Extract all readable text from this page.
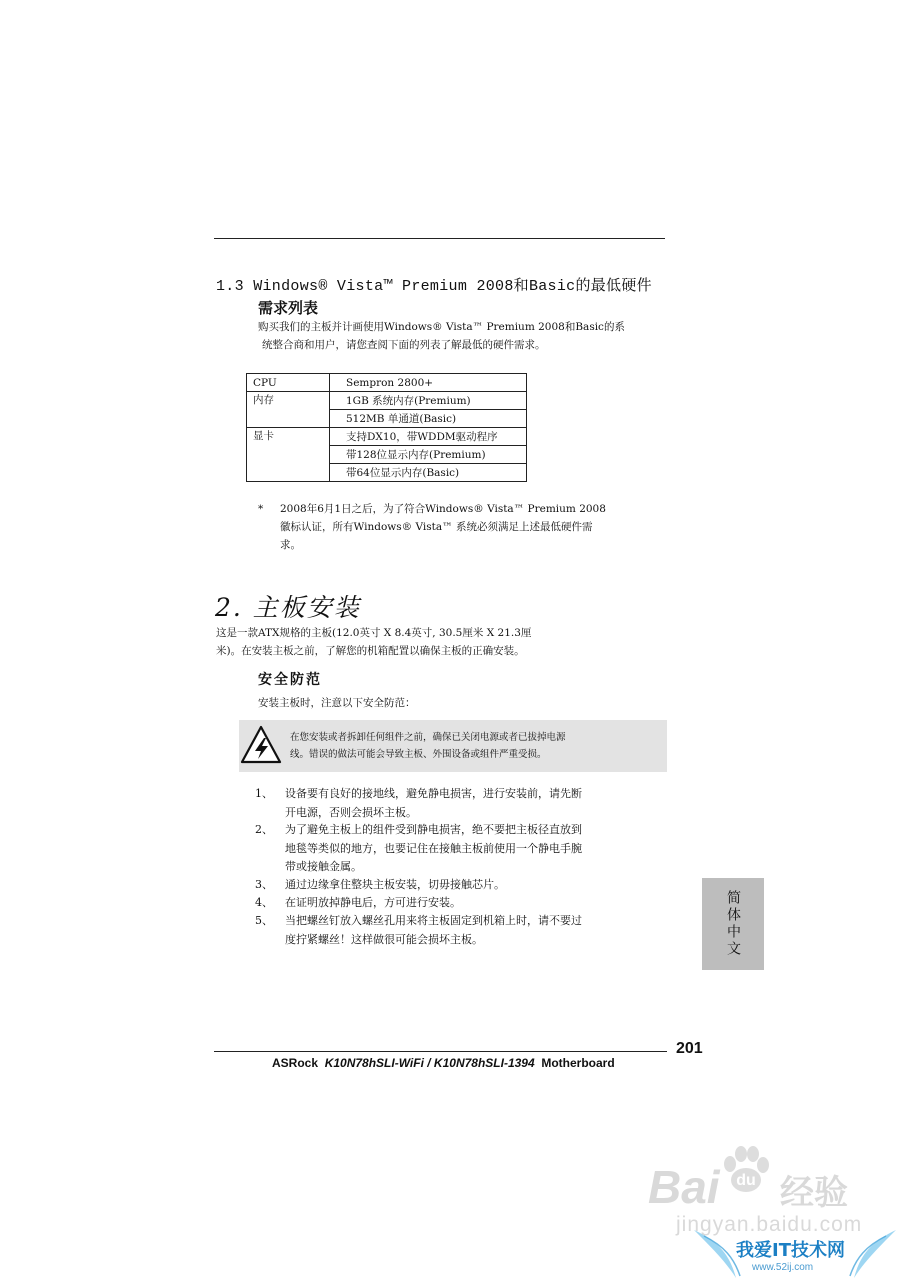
1.3 Windows® Vista™ Premium 2008和Basic的最低硬件
需求列表
购买我们的主板并计画使用Windows® Vista™ Premium 2008和Basic的系
统整合商和用户，请您查阅下面的列表了解最低的硬件需求。
CPU	Sempron 2800+
内存	1GB 系统内存(Premium)
	512MB 单通道(Basic)
显卡	支持DX10，带WDDM驱动程序
	带128位显示内存(Premium)
	带64位显示内存(Basic)
* 2008年6月1日之后，为了符合Windows® Vista™ Premium 2008
徽标认证，所有Windows® Vista™ 系统必须满足上述最低硬件需
求。
2. 主板安装
这是一款ATX规格的主板(12.0英寸 X 8.4英寸, 30.5厘米 X 21.3厘
米)。在安装主板之前，了解您的机箱配置以确保主板的正确安装。
安全防范
安装主板时，注意以下安全防范：
在您安装或者拆卸任何组件之前，确保已关闭电源或者已拔掉电源
线。错误的做法可能会导致主板、外围设备或组件严重受损。
1、 设备要有良好的接地线，避免静电损害，进行安装前，请先断
开电源，否则会损坏主板。
2、 为了避免主板上的组件受到静电损害，绝不要把主板径直放到
地毯等类似的地方，也要记住在接触主板前使用一个静电手腕
带或接触金属。
3、 通过边缘拿住整块主板安装，切毋接触芯片。
4、 在证明放掉静电后，方可进行安装。
5、 当把螺丝钉放入螺丝孔用来将主板固定到机箱上时，请不要过
度拧紧螺丝！这样做很可能会损坏主板。	简体中文
201
ASRock K10N78hSLI-WiFi / K10N78hSLI-1394 Motherboard
Bai du 经验
jingyan.baidu.com
我爱IT技术网
www.52ij.com
